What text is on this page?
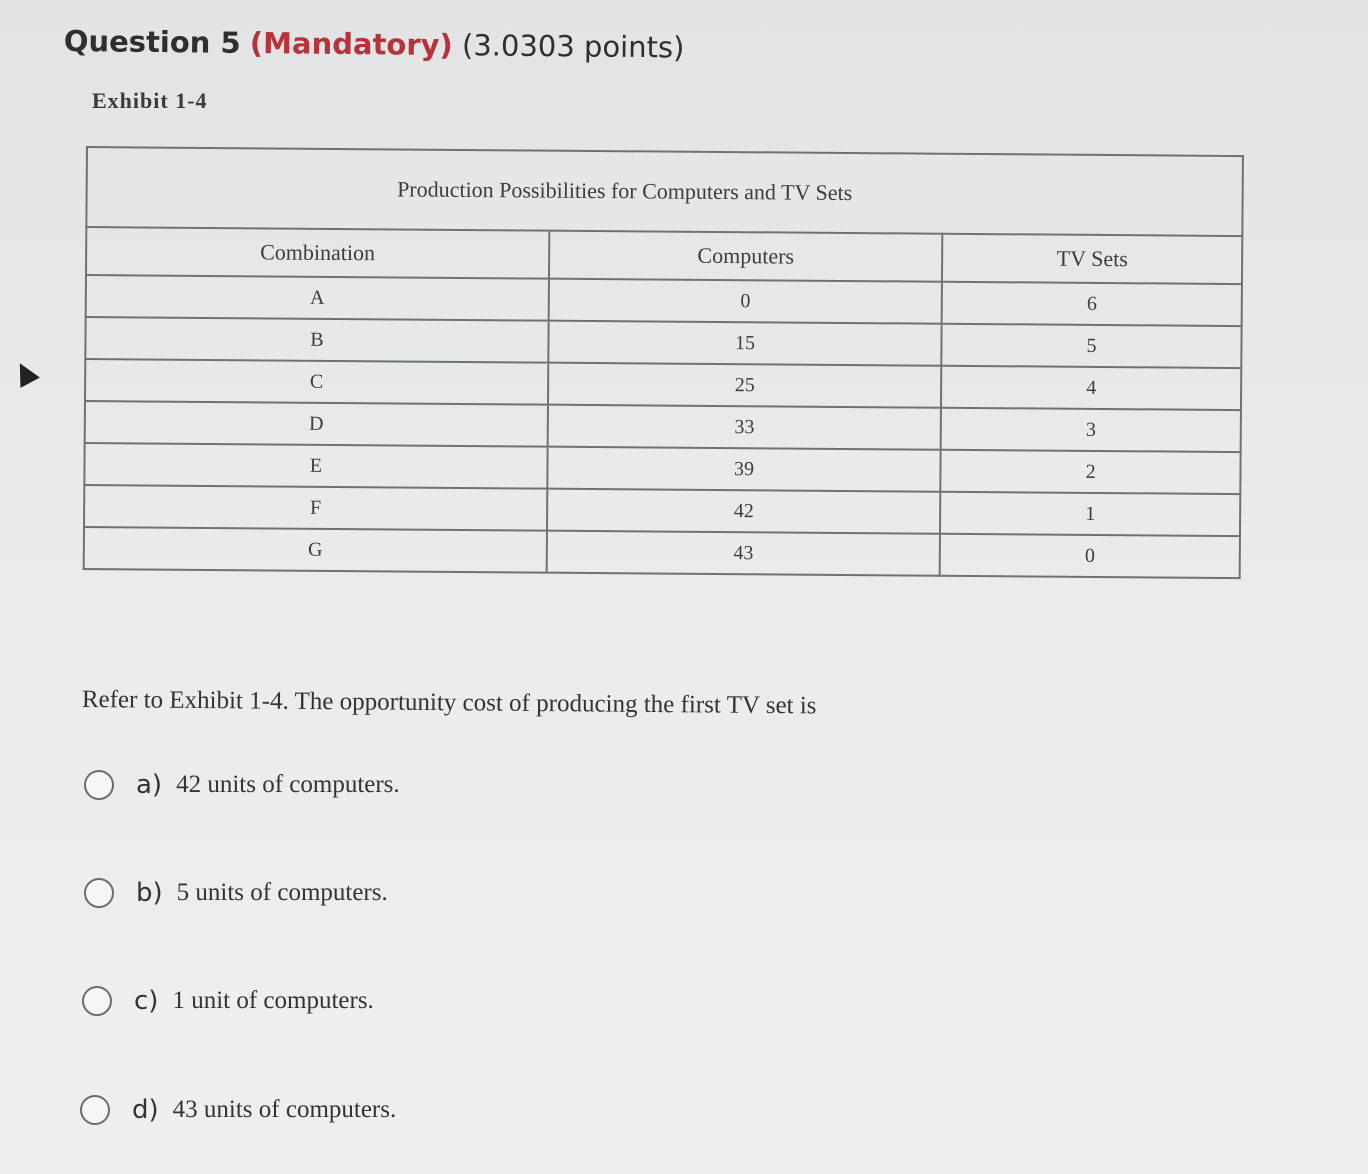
Question 5 (Mandatory) (3.0303 points)
Exhibit 1-4
Production Possibilities for Computers and TV Sets		
Combination	Computers	TV Sets
A	0	6
B	15	5
C	25	4
D	33	3
E	39	2
F	42	1
G	43	0
Refer to Exhibit 1-4. The opportunity cost of producing the first TV set is
a) 42 units of computers.
b) 5 units of computers.
c) 1 unit of computers.
d) 43 units of computers.
